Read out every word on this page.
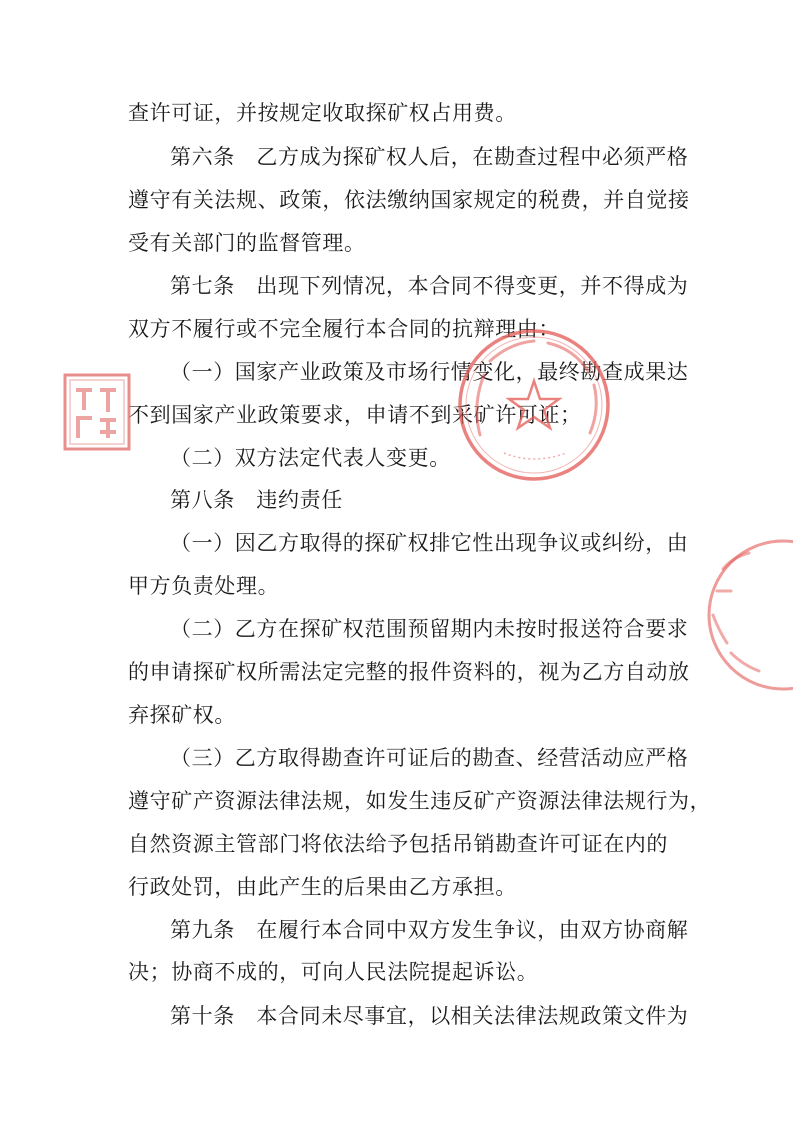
查许可证，并按规定收取探矿权占用费。
第六条　乙方成为探矿权人后，在勘查过程中必须严格
遵守有关法规、政策，依法缴纳国家规定的税费，并自觉接
受有关部门的监督管理。
第七条　出现下列情况，本合同不得变更，并不得成为
双方不履行或不完全履行本合同的抗辩理由：
（一）国家产业政策及市场行情变化，最终勘查成果达
不到国家产业政策要求，申请不到采矿许可证；
（二）双方法定代表人变更。
第八条　违约责任
（一）因乙方取得的探矿权排它性出现争议或纠纷，由
甲方负责处理。
（二）乙方在探矿权范围预留期内未按时报送符合要求
的申请探矿权所需法定完整的报件资料的，视为乙方自动放
弃探矿权。
（三）乙方取得勘查许可证后的勘查、经营活动应严格
遵守矿产资源法律法规，如发生违反矿产资源法律法规行为，
自然资源主管部门将依法给予包括吊销勘查许可证在内的
行政处罚，由此产生的后果由乙方承担。
第九条　在履行本合同中双方发生争议，由双方协商解
决；协商不成的，可向人民法院提起诉讼。
第十条　本合同未尽事宜，以相关法律法规政策文件为
